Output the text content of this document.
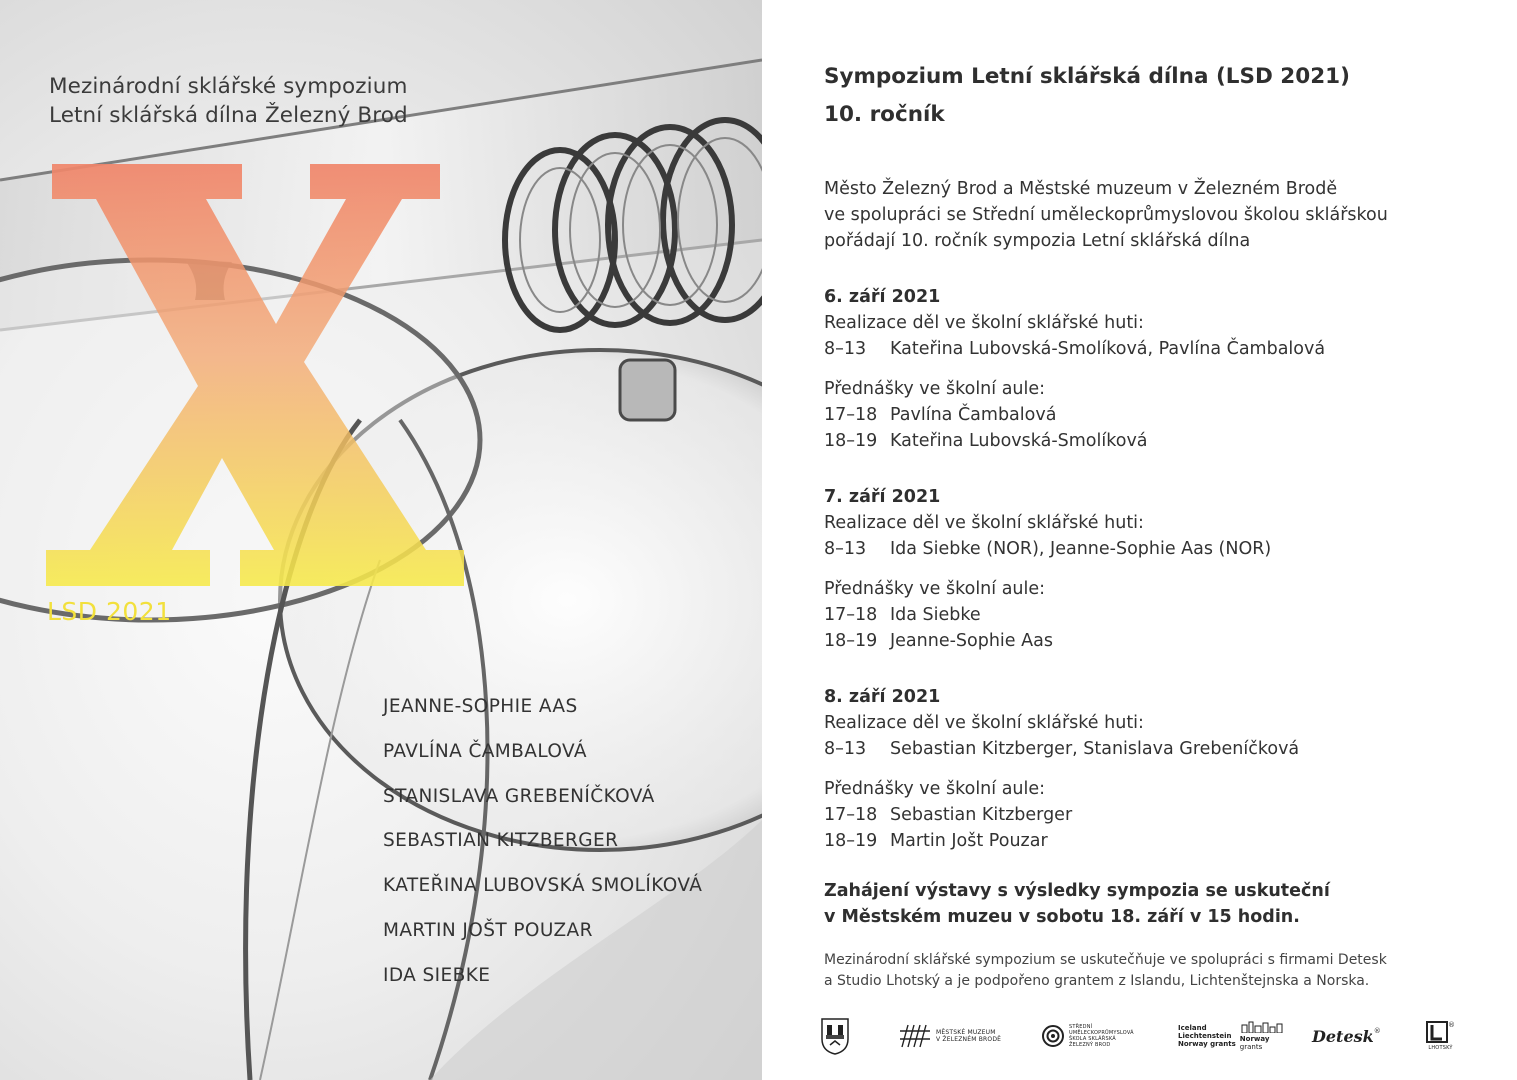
Mezinárodní sklářské sympozium
Letní sklářská dílna Železný Brod
LSD 2021
JEANNE-SOPHIE AAS
PAVLÍNA ČAMBALOVÁ
STANISLAVA GREBENÍČKOVÁ
SEBASTIAN KITZBERGER
KATEŘINA LUBOVSKÁ SMOLÍKOVÁ
MARTIN JOŠT POUZAR
IDA SIEBKE
Sympozium Letní sklářská dílna (LSD 2021)
10. ročník
Město Železný Brod a Městské muzeum v Železném Brodě
ve spolupráci se Střední uměleckoprůmyslovou školou sklářskou
pořádají 10. ročník sympozia Letní sklářská dílna
6. září 2021
Realizace děl ve školní sklářské huti:
8–13 Kateřina Lubovská-Smolíková, Pavlína Čambalová
Přednášky ve školní aule:
17–18 Pavlína Čambalová
18–19 Kateřina Lubovská-Smolíková
7. září 2021
Realizace děl ve školní sklářské huti:
8–13 Ida Siebke (NOR), Jeanne-Sophie Aas (NOR)
Přednášky ve školní aule:
17–18 Ida Siebke
18–19 Jeanne-Sophie Aas
8. září 2021
Realizace děl ve školní sklářské huti:
8–13 Sebastian Kitzberger, Stanislava Grebeníčková
Přednášky ve školní aule:
17–18 Sebastian Kitzberger
18–19 Martin Jošt Pouzar
Zahájení výstavy s výsledky sympozia se uskuteční
v Městském muzeu v sobotu 18. září v 15 hodin.
Mezinárodní sklářské sympozium se uskutečňuje ve spolupráci s firmami Detesk
a Studio Lhotský a je podpořeno grantem z Islandu, Lichtenštejnska a Norska.
MĚSTSKÉ MUZEUM
V ŽELEZNÉM BRODĚ
STŘEDNÍ
UMĚLECKOPRŮMYSLOVÁ
ŠKOLA SKLÁŘSKÁ
ŽELEZNÝ BROD
Iceland
Liechtenstein
Norway grants
Norway
grants
Detesk ®
®
LHOTSKÝ
